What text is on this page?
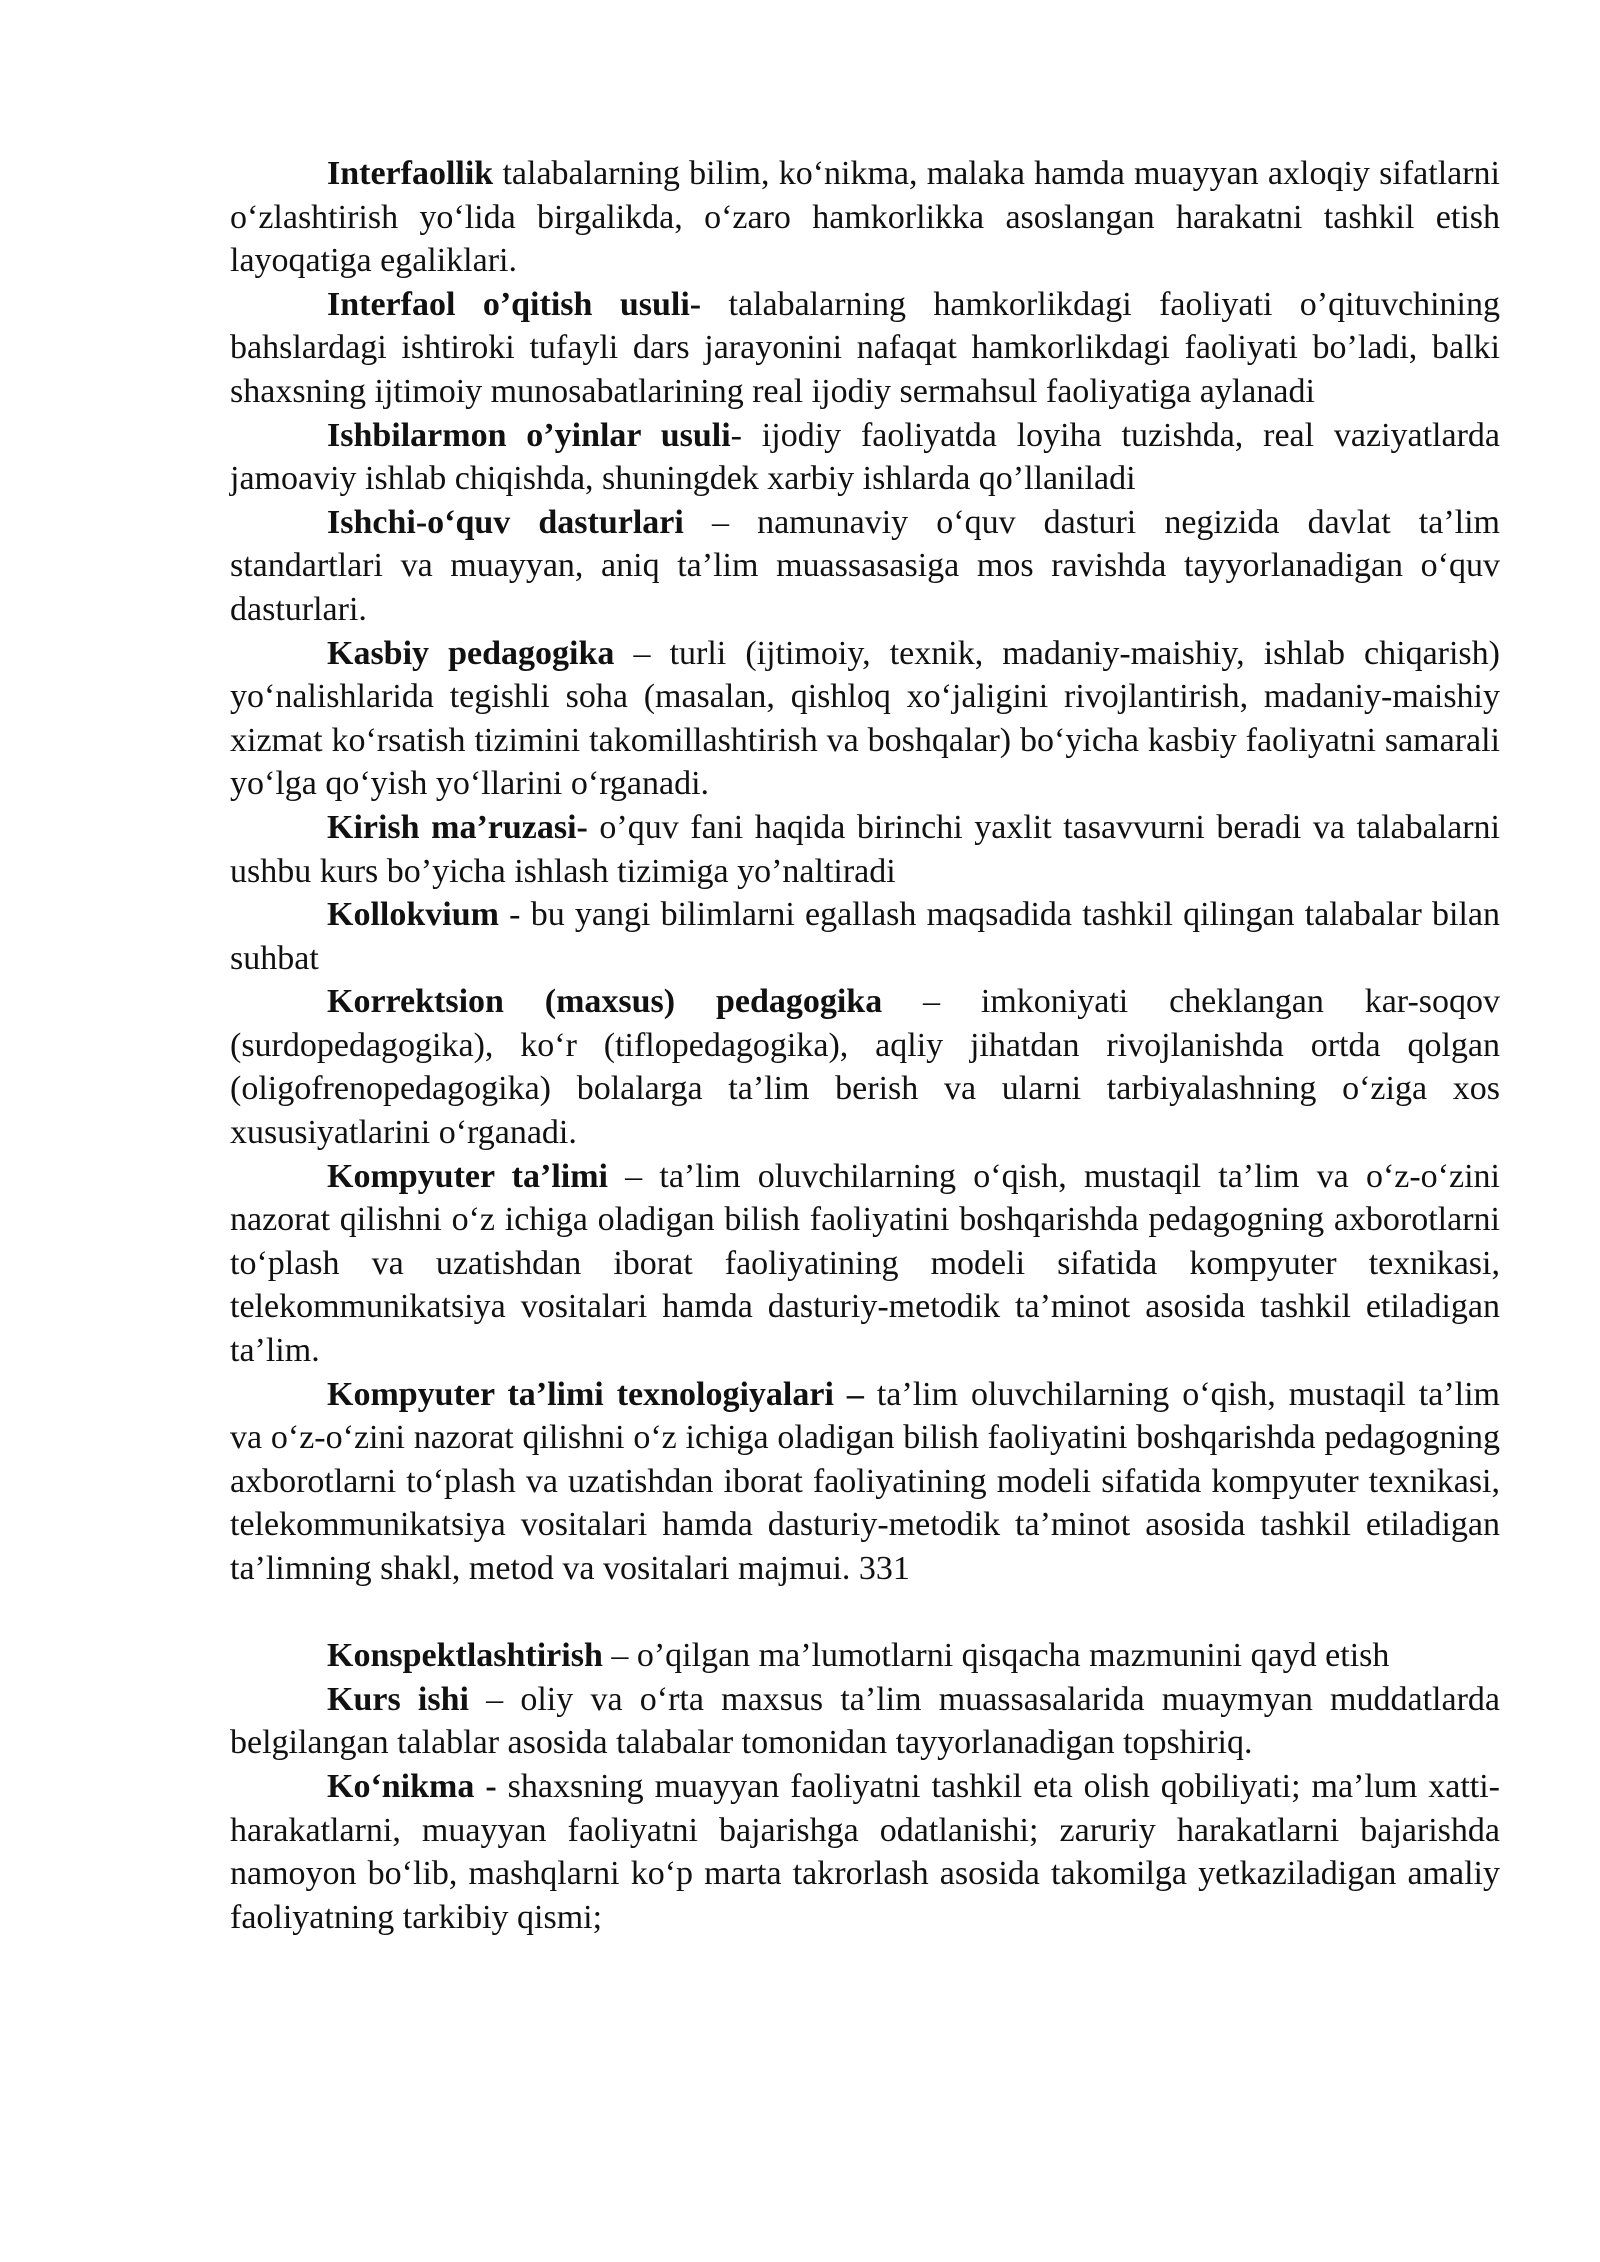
Interfaollik talabalarning bilim, ko‘nikma, malaka hamda muayyan axloqiy sifatlarni o‘zlashtirish yo‘lida birgalikda, o‘zaro hamkorlikka asoslangan harakatni tashkil etish layoqatiga egaliklari.

Interfaol o’qitish usuli- talabalarning hamkorlikdagi faoliyati o’qituvchining bahslardagi ishtiroki tufayli dars jarayonini nafaqat hamkorlikdagi faoliyati bo’ladi, balki shaxsning ijtimoiy munosabatlarining real ijodiy sermahsul faoliyatiga aylanadi

Ishbilarmon o’yinlar usuli- ijodiy faoliyatda loyiha tuzishda, real vaziyatlarda jamoaviy ishlab chiqishda, shuningdek xarbiy ishlarda qo’llaniladi

Ishchi-o‘quv dasturlari – namunaviy o‘quv dasturi negizida davlat ta’lim standartlari va muayyan, aniq ta’lim muassasasiga mos ravishda tayyorlanadigan o‘quv dasturlari.

Kasbiy pedagogika – turli (ijtimoiy, texnik, madaniy-maishiy, ishlab chiqarish) yo‘nalishlarida tegishli soha (masalan, qishloq xo‘jaligini rivojlantirish, madaniy-maishiy xizmat ko‘rsatish tizimini takomillashtirish va boshqalar) bo‘yicha kasbiy faoliyatni samarali yo‘lga qo‘yish yo‘llarini o‘rganadi.

Kirish ma’ruzasi- o’quv fani haqida birinchi yaxlit tasavvurni beradi va talabalarni ushbu kurs bo’yicha ishlash tizimiga yo’naltiradi

Kollokvium - bu yangi bilimlarni egallash maqsadida tashkil qilingan talabalar bilan suhbat

Korrektsion (maxsus) pedagogika – imkoniyati cheklangan kar-soqov (surdopedagogika), ko‘r (tiflopedagogika), aqliy jihatdan rivojlanishda ortda qolgan (oligofrenopedagogika) bolalarga ta’lim berish va ularni tarbiyalashning o‘ziga xos xususiyatlarini o‘rganadi.

Kompyuter ta’limi – ta’lim oluvchilarning o‘qish, mustaqil ta’lim va o‘z-o‘zini nazorat qilishni o‘z ichiga oladigan bilish faoliyatini boshqarishda pedagogning axborotlarni to‘plash va uzatishdan iborat faoliyatining modeli sifatida kompyuter texnikasi, telekommunikatsiya vositalari hamda dasturiy-metodik ta’minot asosida tashkil etiladigan ta’lim.

Kompyuter ta’limi texnologiyalari – ta’lim oluvchilarning o‘qish, mustaqil ta’lim va o‘z-o‘zini nazorat qilishni o‘z ichiga oladigan bilish faoliyatini boshqarishda pedagogning axborotlarni to‘plash va uzatishdan iborat faoliyatining modeli sifatida kompyuter texnikasi, telekommunikatsiya vositalari hamda dasturiy-metodik ta’minot asosida tashkil etiladigan ta’limning shakl, metod va vositalari majmui. 331

Konspektlashtirish – o’qilgan ma’lumotlarni qisqacha mazmunini qayd etish

Kurs ishi – oliy va o‘rta maxsus ta’lim muassasalarida muaymyan muddatlarda belgilangan talablar asosida talabalar tomonidan tayyorlanadigan topshiriq.

Ko‘nikma - shaxsning muayyan faoliyatni tashkil eta olish qobiliyati; ma’lum xatti-harakatlarni, muayyan faoliyatni bajarishga odatlanishi; zaruriy harakatlarni bajarishda namoyon bo‘lib, mashqlarni ko‘p marta takrorlash asosida takomilga yetkaziladigan amaliy faoliyatning tarkibiy qismi;
